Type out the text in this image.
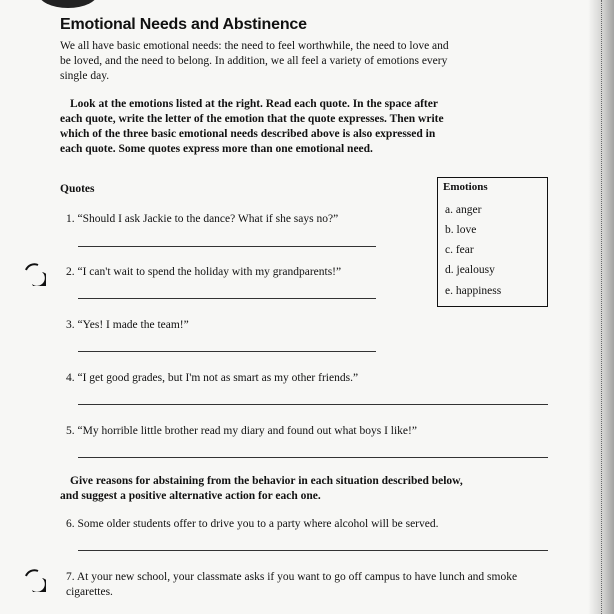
Emotional Needs and Abstinence
We all have basic emotional needs: the need to feel worthwhile, the need to love and be loved, and the need to belong. In addition, we all feel a variety of emotions every single day.
Look at the emotions listed at the right. Read each quote. In the space after each quote, write the letter of the emotion that the quote expresses. Then write which of the three basic emotional needs described above is also expressed in each quote. Some quotes express more than one emotional need.
Quotes	Emotions
a. anger
b. love
c. fear
d. jealousy
e. happiness
1. “Should I ask Jackie to the dance? What if she says no?”
2. “I can't wait to spend the holiday with my grandparents!”
3. “Yes! I made the team!”
4. “I get good grades, but I'm not as smart as my other friends.”
5. “My horrible little brother read my diary and found out what boys I like!”
Give reasons for abstaining from the behavior in each situation described below, and suggest a positive alternative action for each one.
6. Some older students offer to drive you to a party where alcohol will be served.
7. At your new school, your classmate asks if you want to go off campus to have lunch and smoke cigarettes.
